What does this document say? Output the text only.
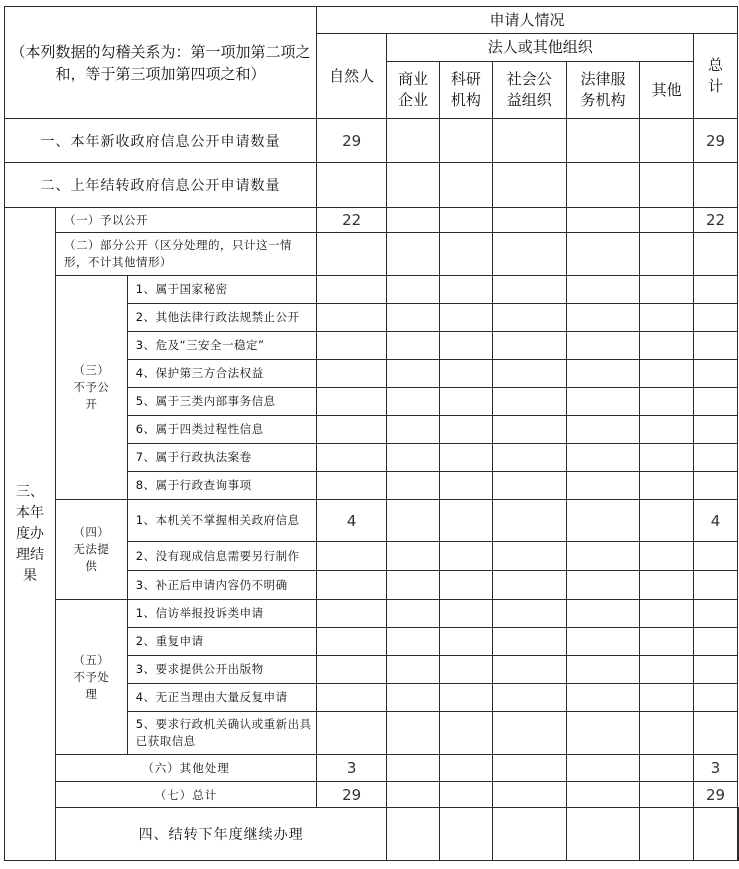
（本列数据的勾稽关系为：第一项加第二项之和，等于第三项加第四项之和）			申请人情况							
			自然人	法人或其他组织					总计	
				商业企业	科研机构	社会公益组织	法律服务机构	其他		

一、本年新收政府信息公开申请数量			29						29	
二、上年结转政府信息公开申请数量										
三、本年度办理结果	（一）予以公开		22						22	
	（二）部分公开（区分处理的，只计这一情形，不计其他情形）									
	（三）不予公开	1、属于国家秘密								
		2、其他法律行政法规禁止公开								
		3、危及“三安全一稳定”								
		4、保护第三方合法权益								
		5、属于三类内部事务信息								
		6、属于四类过程性信息								
		7、属于行政执法案卷								
		8、属于行政查询事项								
	（四）无法提供	1、本机关不掌握相关政府信息	4						4	
		2、没有现成信息需要另行制作								
		3、补正后申请内容仍不明确								
	（五）不予处理	1、信访举报投诉类申请								
		2、重复申请								
		3、要求提供公开出版物								
		4、无正当理由大量反复申请								
		5、要求行政机关确认或重新出具已获取信息								
	（六）其他处理		3						3	
	（七）总计		29						29	
	四、结转下年度继续办理									
